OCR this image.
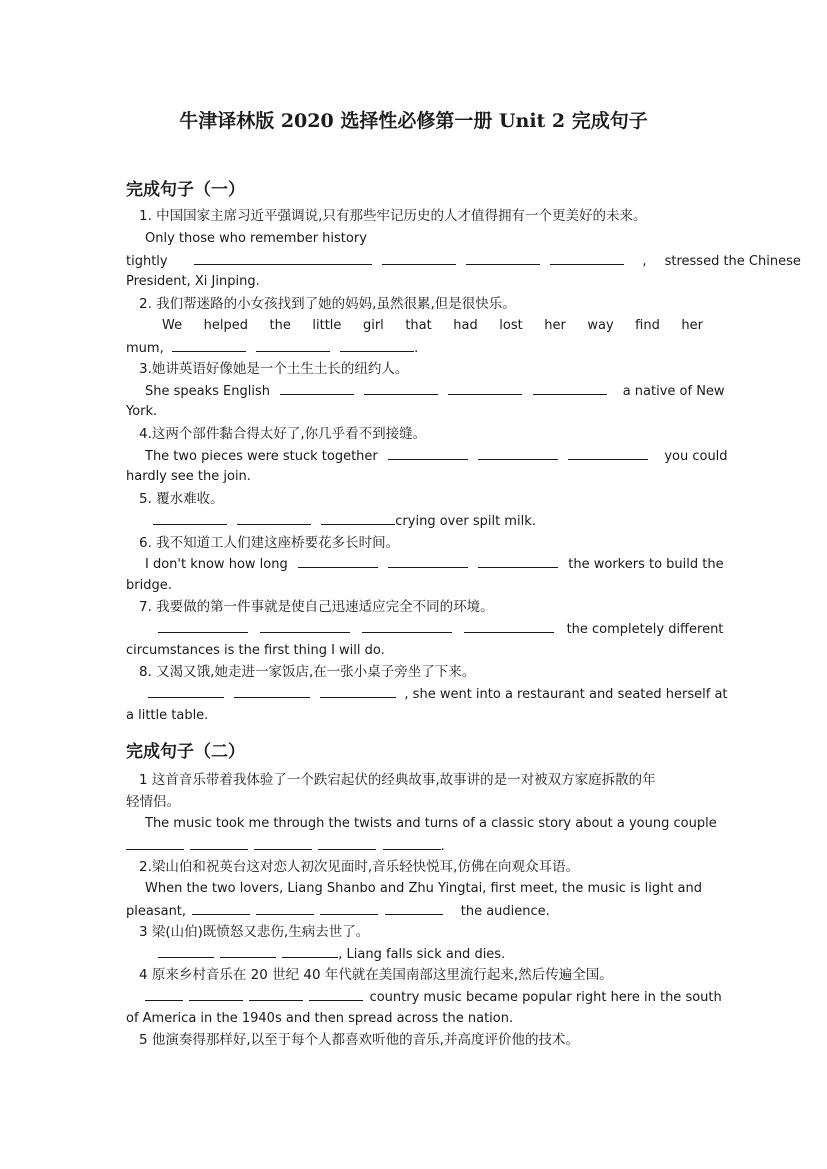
牛津译林版 2020 选择性必修第一册 Unit 2 完成句子
完成句子（一）
1. 中国国家主席习近平强调说,只有那些牢记历史的人才值得拥有一个更美好的未来。
Only those who remember history
tightly	, stressed the Chinese
President, Xi Jinping.
2. 我们帮迷路的小女孩找到了她的妈妈,虽然很累,但是很快乐。
We helped the little girl that had lost her way find her
mum,	.
3.她讲英语好像她是一个土生土长的纽约人。
She speaks English	a native of New
York.
4.这两个部件黏合得太好了,你几乎看不到接缝。
The two pieces were stuck together	you could
hardly see the join.
5. 覆水难收。
crying over spilt milk.
6. 我不知道工人们建这座桥要花多长时间。
I don't know how long	the workers to build the
bridge.
7. 我要做的第一件事就是使自己迅速适应完全不同的环境。
the completely different
circumstances is the first thing I will do.
8. 又渴又饿,她走进一家饭店,在一张小桌子旁坐了下来。
, she went into a restaurant and seated herself at
a little table.
完成句子（二）
1 这首音乐带着我体验了一个跌宕起伏的经典故事,故事讲的是一对被双方家庭拆散的年
轻情侣。
The music took me through the twists and turns of a classic story about a young couple
.
2.梁山伯和祝英台这对恋人初次见面时,音乐轻快悦耳,仿佛在向观众耳语。
When the two lovers, Liang Shanbo and Zhu Yingtai, first meet, the music is light and
pleasant,	the audience.
3 梁(山伯)既愤怒又悲伤,生病去世了。
, Liang falls sick and dies.
4 原来乡村音乐在 20 世纪 40 年代就在美国南部这里流行起来,然后传遍全国。
country music became popular right here in the south
of America in the 1940s and then spread across the nation.
5 他演奏得那样好,以至于每个人都喜欢听他的音乐,并高度评价他的技术。
